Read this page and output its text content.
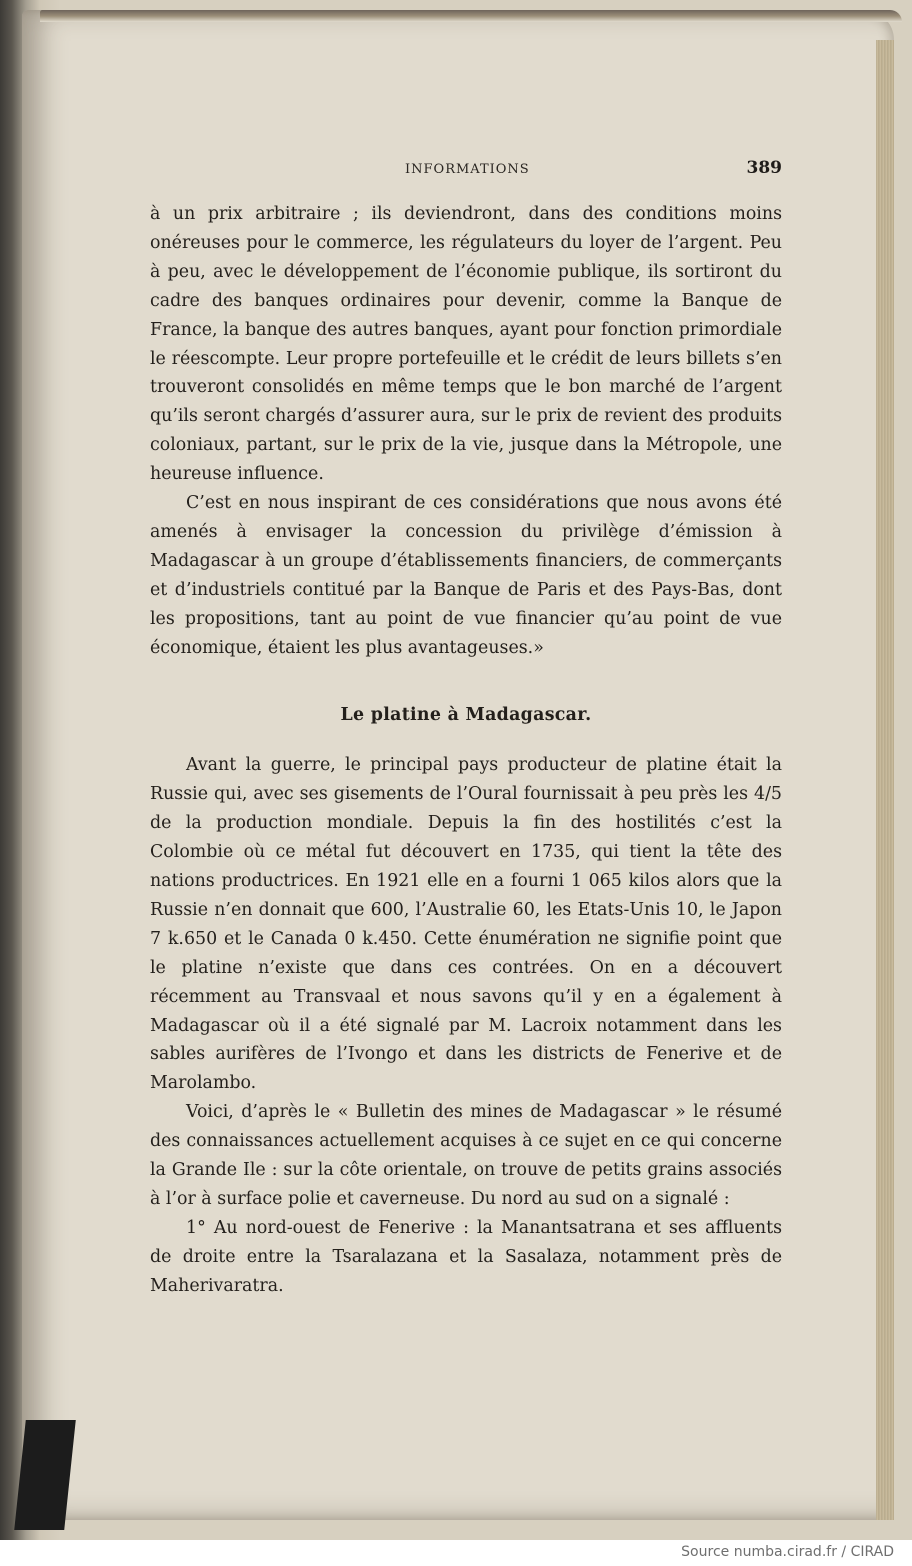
INFORMATIONS	389

à un prix arbitraire ; ils deviendront, dans des conditions moins onéreuses pour le commerce, les régulateurs du loyer de l’argent. Peu à peu, avec le développement de l’économie publique, ils sortiront du cadre des banques ordinaires pour devenir, comme la Banque de France, la banque des autres banques, ayant pour fonction primordiale le réescompte. Leur propre portefeuille et le crédit de leurs billets s’en trouveront consolidés en même temps que le bon marché de l’argent qu’ils seront chargés d’assurer aura, sur le prix de revient des produits coloniaux, partant, sur le prix de la vie, jusque dans la Métropole, une heureuse influence.

C’est en nous inspirant de ces considérations que nous avons été amenés à envisager la concession du privilège d’émission à Madagascar à un groupe d’établissements financiers, de commerçants et d’industriels contitué par la Banque de Paris et des Pays-Bas, dont les propositions, tant au point de vue financier qu’au point de vue économique, étaient les plus avantageuses.»

Le platine à Madagascar.

Avant la guerre, le principal pays producteur de platine était la Russie qui, avec ses gisements de l’Oural fournissait à peu près les 4/5 de la production mondiale. Depuis la fin des hostilités c’est la Colombie où ce métal fut découvert en 1735, qui tient la tête des nations productrices. En 1921 elle en a fourni 1 065 kilos alors que la Russie n’en donnait que 600, l’Australie 60, les Etats-Unis 10, le Japon 7 k.650 et le Canada 0 k.450. Cette énumération ne signifie point que le platine n’existe que dans ces contrées. On en a découvert récemment au Transvaal et nous savons qu’il y en a également à Madagascar où il a été signalé par M. Lacroix notamment dans les sables aurifères de l’Ivongo et dans les districts de Fenerive et de Marolambo.

Voici, d’après le « Bulletin des mines de Madagascar » le résumé des connaissances actuellement acquises à ce sujet en ce qui concerne la Grande Ile : sur la côte orientale, on trouve de petits grains associés à l’or à surface polie et caverneuse. Du nord au sud on a signalé :

1° Au nord-ouest de Fenerive : la Manantsatrana et ses affluents de droite entre la Tsaralazana et la Sasalaza, notamment près de Maherivaratra.

Source numba.cirad.fr / CIRAD
